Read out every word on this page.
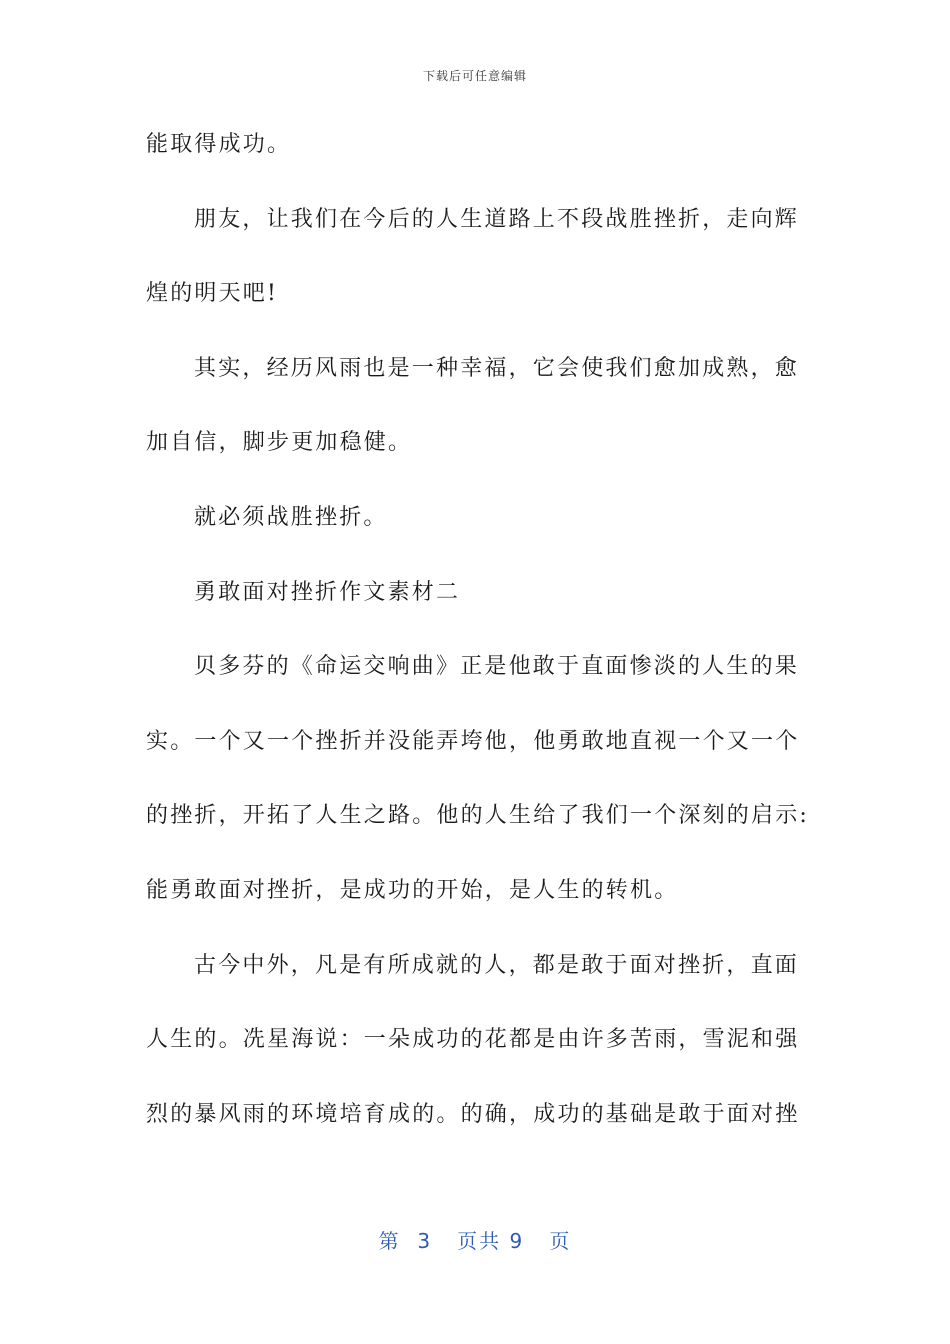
下载后可任意编辑
能取得成功。
朋友，让我们在今后的人生道路上不段战胜挫折，走向辉
煌的明天吧!
其实，经历风雨也是一种幸福，它会使我们愈加成熟，愈
加自信，脚步更加稳健。
就必须战胜挫折。
勇敢面对挫折作文素材二
贝多芬的《命运交响曲》正是他敢于直面惨淡的人生的果
实。一个又一个挫折并没能弄垮他，他勇敢地直视一个又一个
的挫折，开拓了人生之路。他的人生给了我们一个深刻的启示:
能勇敢面对挫折，是成功的开始，是人生的转机。
古今中外，凡是有所成就的人，都是敢于面对挫折，直面
人生的。冼星海说：一朵成功的花都是由许多苦雨，雪泥和强
烈的暴风雨的环境培育成的。的确，成功的基础是敢于面对挫
第 3 页共 9 页
